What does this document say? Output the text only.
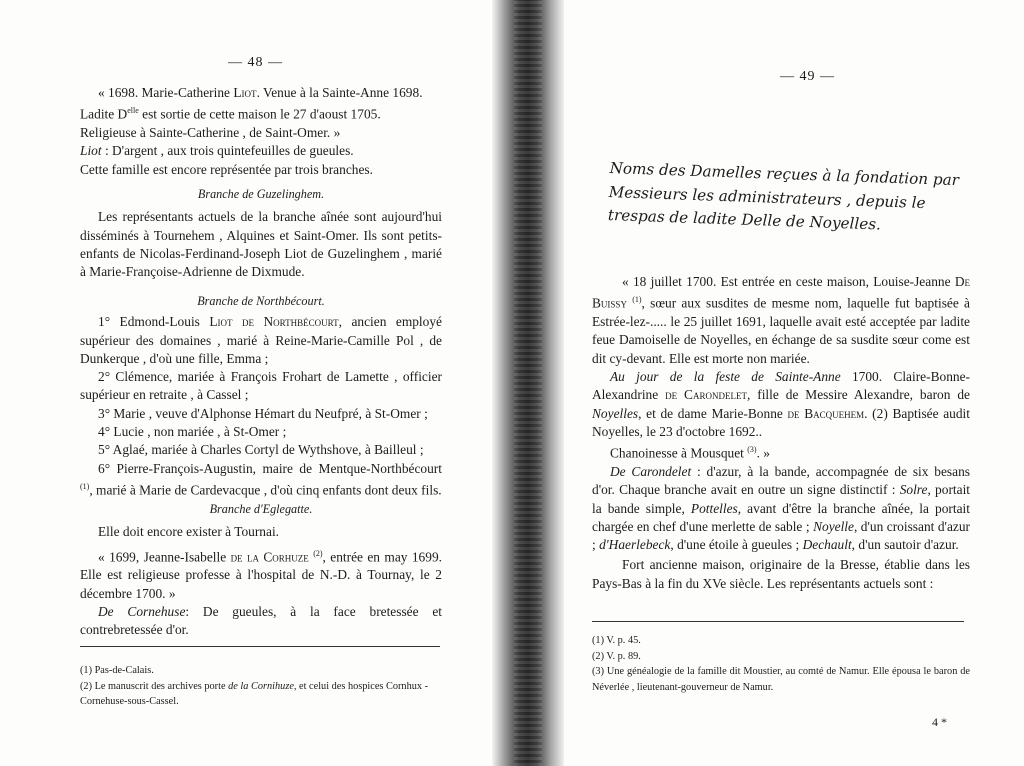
— 48 —

« 1698. Marie-Catherine Liot. Venue à la Sainte-Anne 1698.
Ladite $D^{elle}$ est sortie de cette maison le 27 d'aoust 1705.
Religieuse à Sainte-Catherine , de Saint-Omer. »

Liot : D'argent , aux trois quintefeuilles de gueules.

Cette famille est encore représentée par trois branches.

Branche de Guzelinghem.

Les représentants actuels de la branche aînée sont aujourd'hui disséminés à Tournehem , Alquines et Saint-Omer. Ils sont petits-enfants de Nicolas-Ferdinand-Joseph Liot de Guzelinghem , marié à Marie-Françoise-Adrienne de Dixmude.

Branche de Northbécourt.

1° Edmond-Louis Liot de Northbécourt, ancien employé supérieur des domaines , marié à Reine-Marie-Camille Pol , de Dunkerque , d'où une fille, Emma ;

2° Clémence, mariée à François Frohart de Lamette , officier supérieur en retraite , à Cassel ;

3° Marie , veuve d'Alphonse Hémart du Neufpré, à St-Omer ;

4° Lucie , non mariée , à St-Omer ;

5° Aglaé, mariée à Charles Cortyl de Wythshove, à Bailleul ;

6° Pierre-François-Augustin, maire de Mentque-Northbécourt $^{(1)}$, marié à Marie de Cardevacque , d'où cinq enfants dont deux fils.

Branche d'Eglegatte.

Elle doit encore exister à Tournai.

« 1699, Jeanne-Isabelle de la Corhuze $^{(2)}$, entrée en may 1699. Elle est religieuse professe à l'hospital de N.-D. à Tournay, le 2 décembre 1700. »

De Cornehuse: De gueules, à la face bretessée et contrebretessée d'or.

(1) Pas-de-Calais.

(2) Le manuscrit des archives porte de la Cornihuze, et celui des hospices Cornhux - Cornehuse-sous-Cassel.

— 49 —
Noms des Damelles reçues à la fondation par Messieurs les administrateurs , depuis le trespas de ladite Delle de Noyelles.

« 18 juillet 1700. Est entrée en ceste maison, Louise-Jeanne De Buissy $^{(1)}$, sœur aux susdites de mesme nom, laquelle fut baptisée à Estrée-lez-..... le 25 juillet 1691, laquelle avait esté acceptée par ladite feue Damoiselle de Noyelles, en échange de sa susdite sœur come est dit cy-devant. Elle est morte non mariée.

Au jour de la feste de Sainte-Anne 1700. Claire-Bonne-Alexandrine de Carondelet, fille de Messire Alexandre, baron de Noyelles, et de dame Marie-Bonne de Bacquehem. (2) Baptisée audit Noyelles, le 23 d'octobre 1692..

Chanoinesse à Mousquet $^{(3)}$. »

De Carondelet : d'azur, à la bande, accompagnée de six besans d'or. Chaque branche avait en outre un signe distinctif : Solre, portait la bande simple, Pottelles, avant d'être la branche aînée, la portait chargée en chef d'une merlette de sable ; Noyelle, d'un croissant d'azur ; d'Haerlebeck, d'une étoile à gueules ; Dechault, d'un sautoir d'azur.

Fort ancienne maison, originaire de la Bresse, établie dans les Pays-Bas à la fin du XVe siècle. Les représentants actuels sont :

(1) V. p. 45.

(2) V. p. 89.

(3) Une généalogie de la famille dit Moustier, au comté de Namur. Elle épousa le baron de Néverlée , lieutenant-gouverneur de Namur.

4 *
